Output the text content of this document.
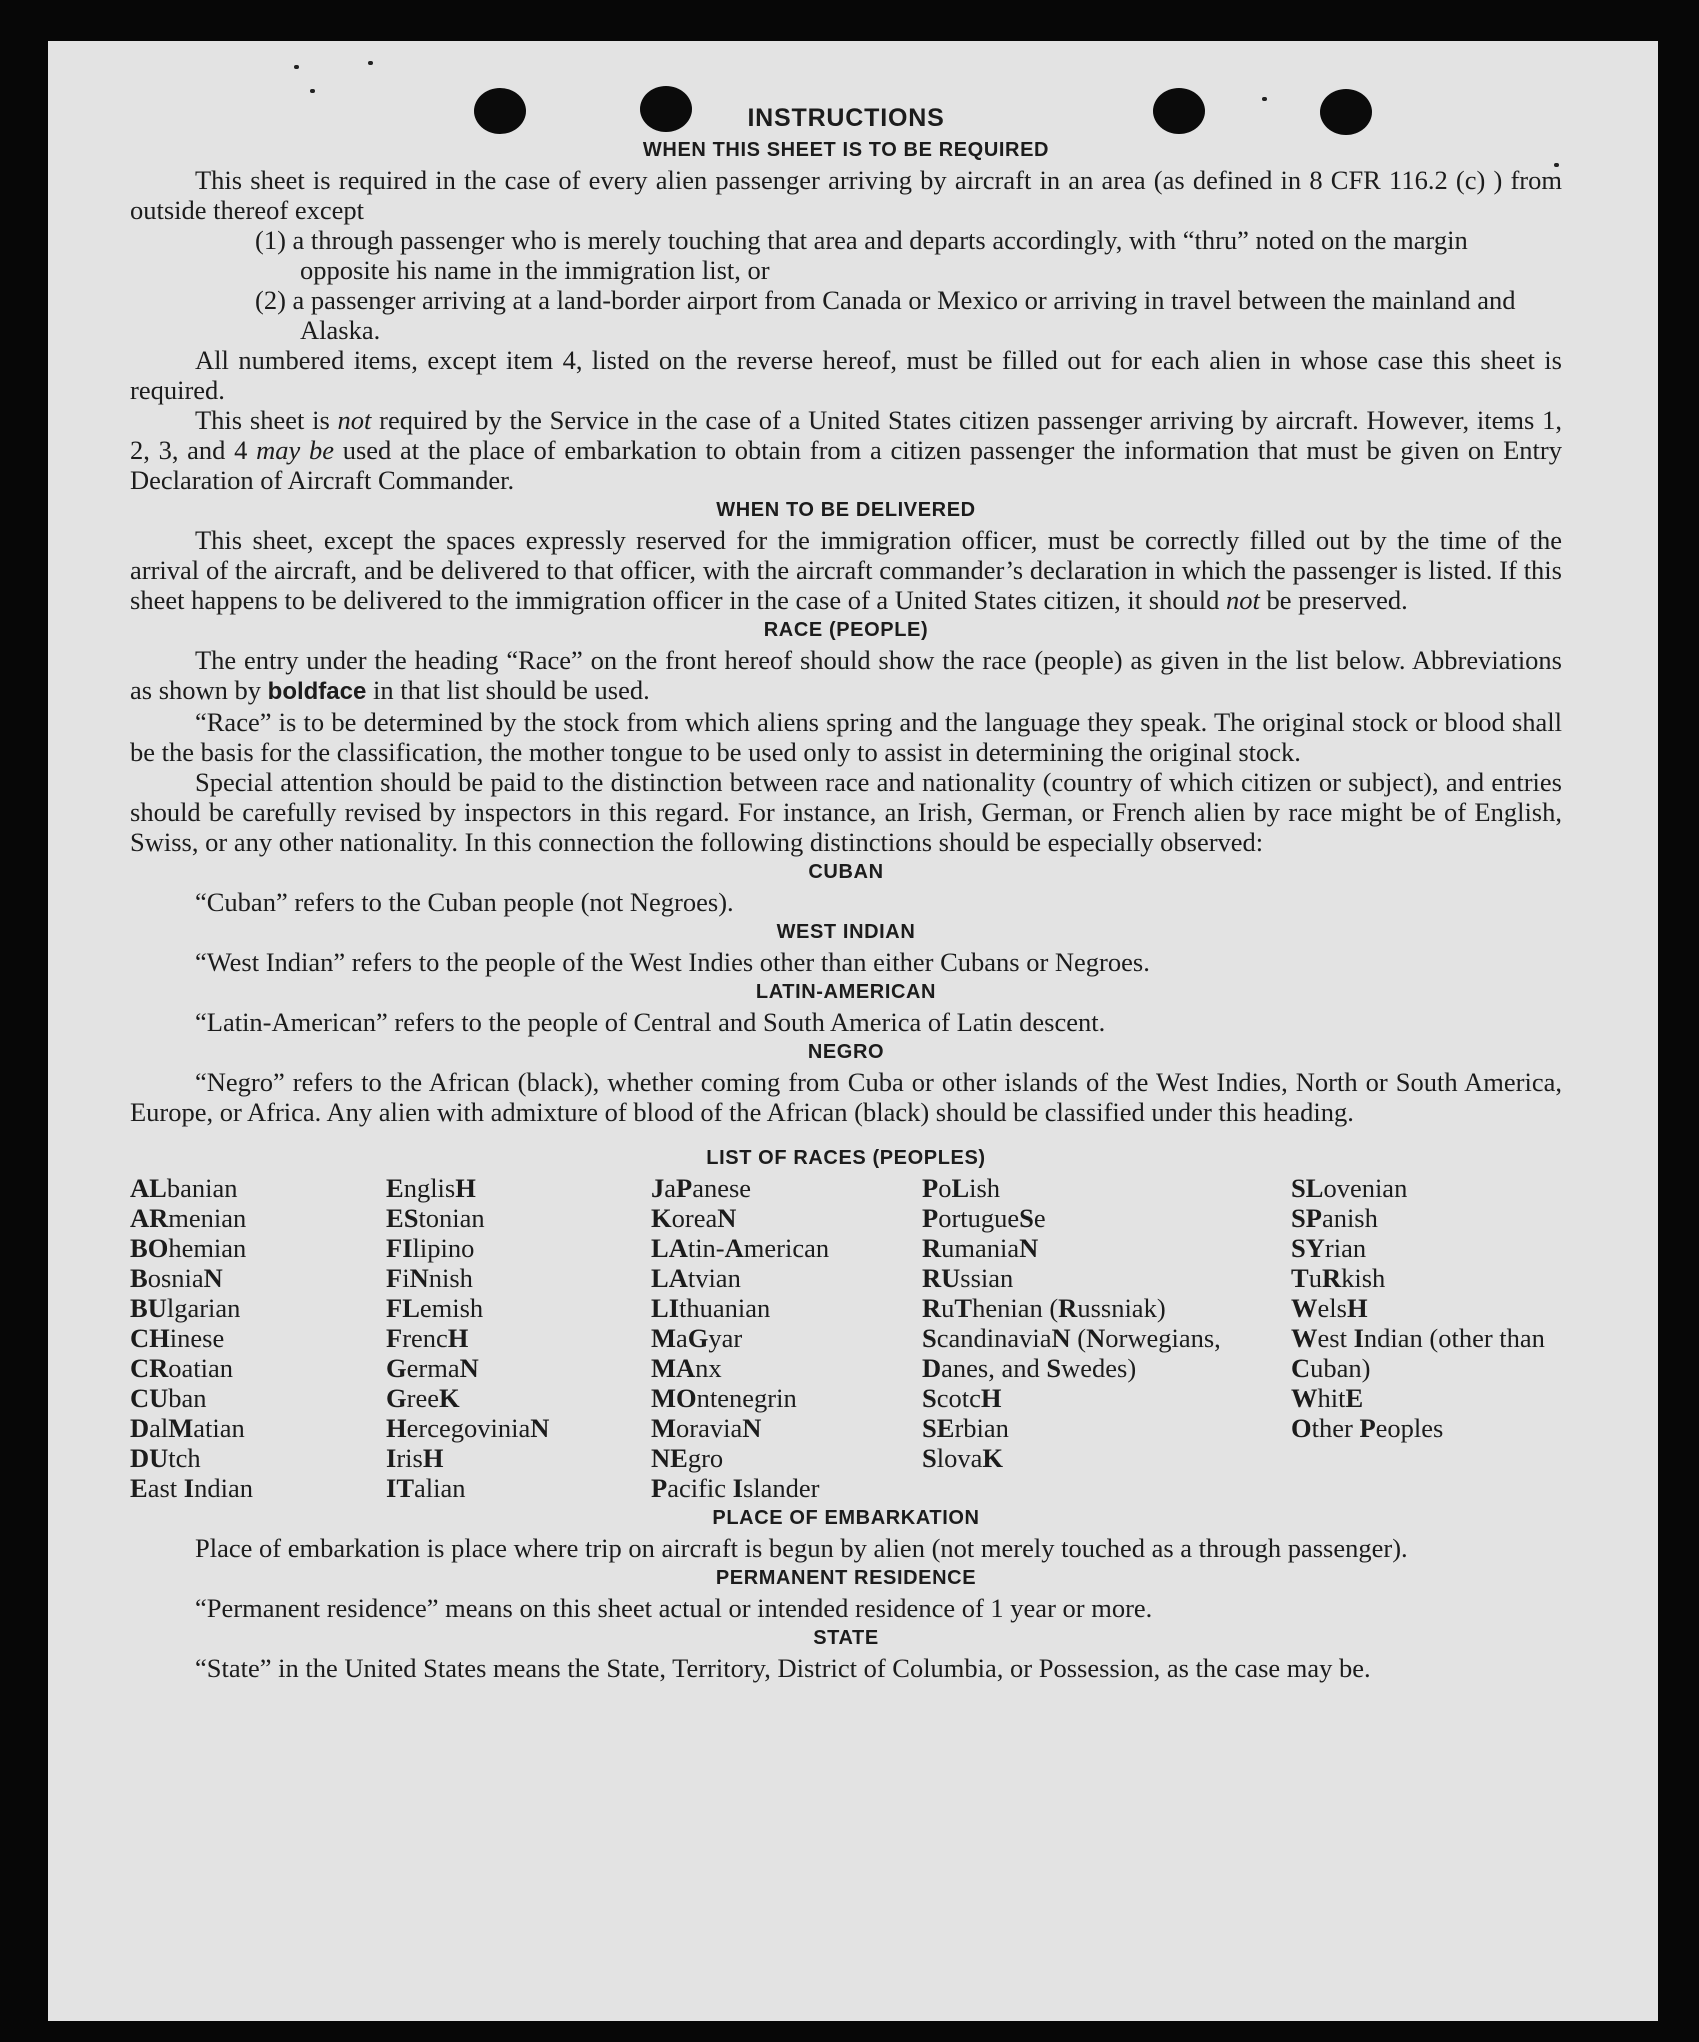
INSTRUCTIONS
WHEN THIS SHEET IS TO BE REQUIRED
This sheet is required in the case of every alien passenger arriving by aircraft in an area (as defined in 8 CFR 116.2 (c) ) from outside thereof except
(1) a through passenger who is merely touching that area and departs accordingly, with “thru” noted on the margin opposite his name in the immigration list, or
(2) a passenger arriving at a land-border airport from Canada or Mexico or arriving in travel between the mainland and Alaska.
All numbered items, except item 4, listed on the reverse hereof, must be filled out for each alien in whose case this sheet is required.
This sheet is not required by the Service in the case of a United States citizen passenger arriving by aircraft. However, items 1, 2, 3, and 4 may be used at the place of embarkation to obtain from a citizen passenger the information that must be given on Entry Declaration of Aircraft Commander.
WHEN TO BE DELIVERED
This sheet, except the spaces expressly reserved for the immigration officer, must be correctly filled out by the time of the arrival of the aircraft, and be delivered to that officer, with the aircraft commander’s declaration in which the passenger is listed. If this sheet happens to be delivered to the immigration officer in the case of a United States citizen, it should not be preserved.
RACE (PEOPLE)
The entry under the heading “Race” on the front hereof should show the race (people) as given in the list below. Abbreviations as shown by boldface in that list should be used.
“Race” is to be determined by the stock from which aliens spring and the language they speak. The original stock or blood shall be the basis for the classification, the mother tongue to be used only to assist in determining the original stock.
Special attention should be paid to the distinction between race and nationality (country of which citizen or subject), and entries should be carefully revised by inspectors in this regard. For instance, an Irish, German, or French alien by race might be of English, Swiss, or any other nationality. In this connection the following distinctions should be especially observed:
CUBAN
“Cuban” refers to the Cuban people (not Negroes).
WEST INDIAN
“West Indian” refers to the people of the West Indies other than either Cubans or Negroes.
LATIN-AMERICAN
“Latin-American” refers to the people of Central and South America of Latin descent.
NEGRO
“Negro” refers to the African (black), whether coming from Cuba or other islands of the West Indies, North or South America, Europe, or Africa. Any alien with admixture of blood of the African (black) should be classified under this heading.
LIST OF RACES (PEOPLES)
ALbanian
ARmenian
BOhemian
BosniaN
BUlgarian
CHinese
CRoatian
CUban
DalMatian
DUtch
East Indian
EnglisH
EStonian
FIlipino
FiNnish
FLemish
FrencH
GermaN
GreeK
HercegoviniaN
IrisH
ITalian
JaPanese
KoreaN
LAtin-American
LAtvian
LIthuanian
MaGyar
MAnx
MOntenegrin
MoraviaN
NEgro
Pacific Islander
PoLish
PortugueSe
RumaniaN
RUssian
RuThenian (Russniak)
ScandinaviaN (Norwegians, Danes, and Swedes)
ScotcH
SErbian
SlovaK
SLovenian
SPanish
SYrian
TuRkish
WelsH
West Indian (other than Cuban)
WhitE
Other Peoples
PLACE OF EMBARKATION
Place of embarkation is place where trip on aircraft is begun by alien (not merely touched as a through passenger).
PERMANENT RESIDENCE
“Permanent residence” means on this sheet actual or intended residence of 1 year or more.
STATE
“State” in the United States means the State, Territory, District of Columbia, or Possession, as the case may be.
